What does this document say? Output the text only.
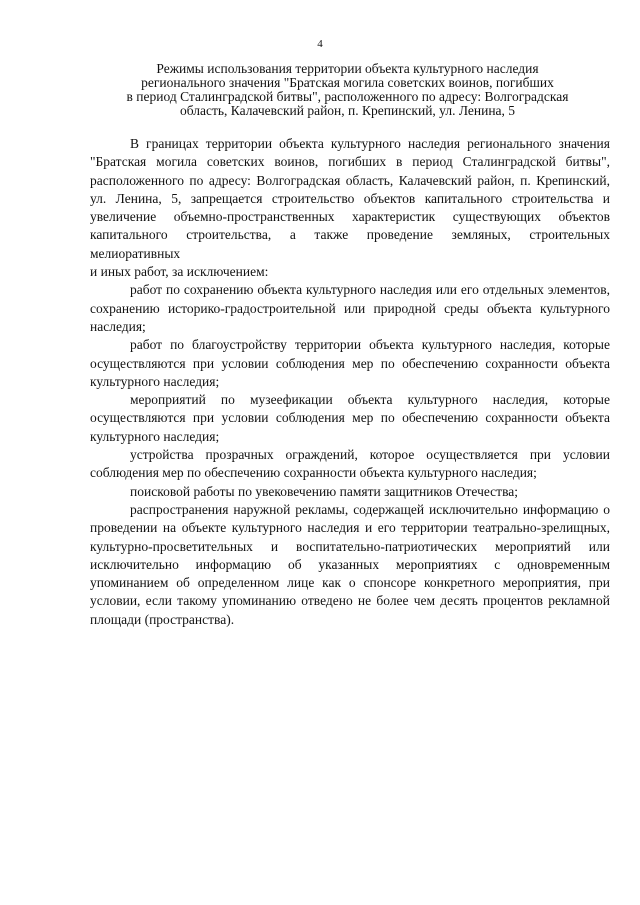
4
Режимы использования территории объекта культурного наследия
регионального значения "Братская могила советских воинов, погибших
в период Сталинградской битвы", расположенного по адресу: Волгоградская
область, Калачевский район, п. Крепинский, ул. Ленина, 5

В границах территории объекта культурного наследия регионального значения "Братская могила советских воинов, погибших в период Сталинградской битвы", расположенного по адресу: Волгоградская область, Калачевский район, п. Крепинский, ул. Ленина, 5, запрещается строительство объектов капитального строительства и увеличение объемно-пространственных характеристик существующих объектов капитального строительства, а также проведение земляных, строительных мелиоративных

и иных работ, за исключением:

работ по сохранению объекта культурного наследия или его отдельных элементов, сохранению историко-градостроительной или природной среды объекта культурного наследия;

работ по благоустройству территории объекта культурного наследия, которые осуществляются при условии соблюдения мер по обеспечению сохранности объекта культурного наследия;

мероприятий по музеефикации объекта культурного наследия, которые осуществляются при условии соблюдения мер по обеспечению сохранности объекта культурного наследия;

устройства прозрачных ограждений, которое осуществляется при условии соблюдения мер по обеспечению сохранности объекта культурного наследия;

поисковой работы по увековечению памяти защитников Отечества;

распространения наружной рекламы, содержащей исключительно информацию о проведении на объекте культурного наследия и его территории театрально-зрелищных, культурно-просветительных и воспитательно-патриотических мероприятий или исключительно информацию об указанных мероприятиях с одновременным упоминанием об определенном лице как о спонсоре конкретного мероприятия, при условии, если такому упоминанию отведено не более чем десять процентов рекламной площади (пространства).
